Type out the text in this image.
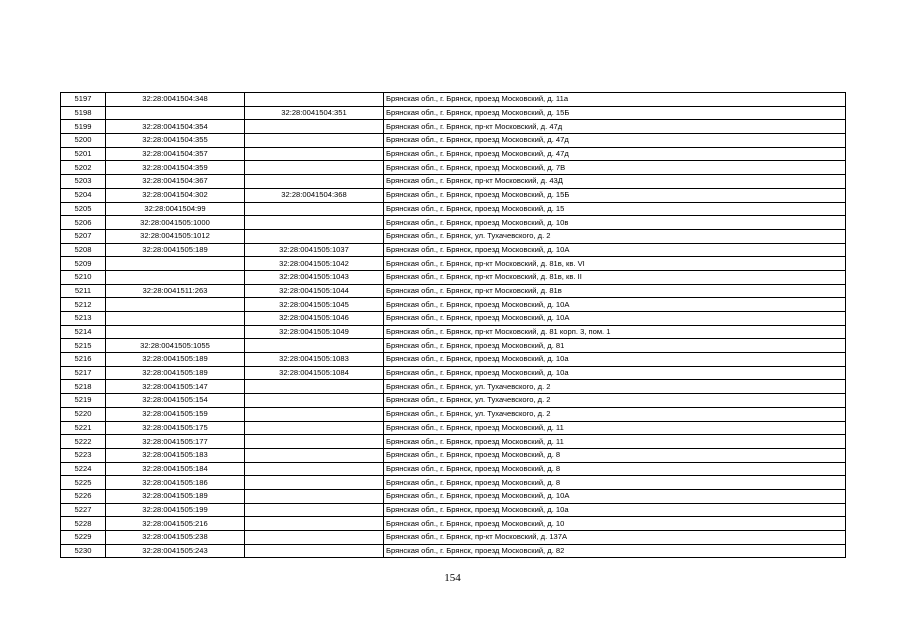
5197	32:28:0041504:348		Брянская обл., г. Брянск, проезд Московский, д. 11а
5198		32:28:0041504:351	Брянская обл., г. Брянск, проезд Московский, д. 15Б
5199	32:28:0041504:354		Брянская обл., г. Брянск, пр-кт Московский, д. 47д
5200	32:28:0041504:355		Брянская обл., г. Брянск, проезд Московский, д. 47д
5201	32:28:0041504:357		Брянская обл., г. Брянск, проезд Московский, д. 47д
5202	32:28:0041504:359		Брянская обл., г. Брянск, проезд Московский, д. 7В
5203	32:28:0041504:367		Брянская обл., г. Брянск, пр-кт Московский, д. 43Д
5204	32:28:0041504:302	32:28:0041504:368	Брянская обл., г. Брянск, проезд Московский, д. 15Б
5205	32:28:0041504:99		Брянская обл., г. Брянск, проезд Московский, д. 15
5206	32:28:0041505:1000		Брянская обл., г. Брянск, проезд Московский, д. 10в
5207	32:28:0041505:1012		Брянская обл., г. Брянск, ул. Тухачевского, д. 2
5208	32:28:0041505:189	32:28:0041505:1037	Брянская обл., г. Брянск, проезд Московский, д. 10А
5209		32:28:0041505:1042	Брянская обл., г. Брянск, пр-кт Московский, д. 81в, кв. VI
5210		32:28:0041505:1043	Брянская обл., г. Брянск, пр-кт Московский, д. 81в, кв. II
5211	32:28:0041511:263	32:28:0041505:1044	Брянская обл., г. Брянск, пр-кт Московский, д. 81в
5212		32:28:0041505:1045	Брянская обл., г. Брянск, проезд Московский, д. 10А
5213		32:28:0041505:1046	Брянская обл., г. Брянск, проезд Московский, д. 10А
5214		32:28:0041505:1049	Брянская обл., г. Брянск, пр-кт Московский, д. 81 корп. 3, пом. 1
5215	32:28:0041505:1055		Брянская обл., г. Брянск, проезд Московский, д. 81
5216	32:28:0041505:189	32:28:0041505:1083	Брянская обл., г. Брянск, проезд Московский, д. 10а
5217	32:28:0041505:189	32:28:0041505:1084	Брянская обл., г. Брянск, проезд Московский, д. 10а
5218	32:28:0041505:147		Брянская обл., г. Брянск, ул. Тухачевского, д. 2
5219	32:28:0041505:154		Брянская обл., г. Брянск, ул. Тухачевского, д. 2
5220	32:28:0041505:159		Брянская обл., г. Брянск, ул. Тухачевского, д. 2
5221	32:28:0041505:175		Брянская обл., г. Брянск, проезд Московский, д. 11
5222	32:28:0041505:177		Брянская обл., г. Брянск, проезд Московский, д. 11
5223	32:28:0041505:183		Брянская обл., г. Брянск, проезд Московский, д. 8
5224	32:28:0041505:184		Брянская обл., г. Брянск, проезд Московский, д. 8
5225	32:28:0041505:186		Брянская обл., г. Брянск, проезд Московский, д. 8
5226	32:28:0041505:189		Брянская обл., г. Брянск, проезд Московский, д. 10А
5227	32:28:0041505:199		Брянская обл., г. Брянск, проезд Московский, д. 10а
5228	32:28:0041505:216		Брянская обл., г. Брянск, проезд Московский, д. 10
5229	32:28:0041505:238		Брянская обл., г. Брянск, пр-кт Московский, д. 137А
5230	32:28:0041505:243		Брянская обл., г. Брянск, проезд Московский, д. 82
154
